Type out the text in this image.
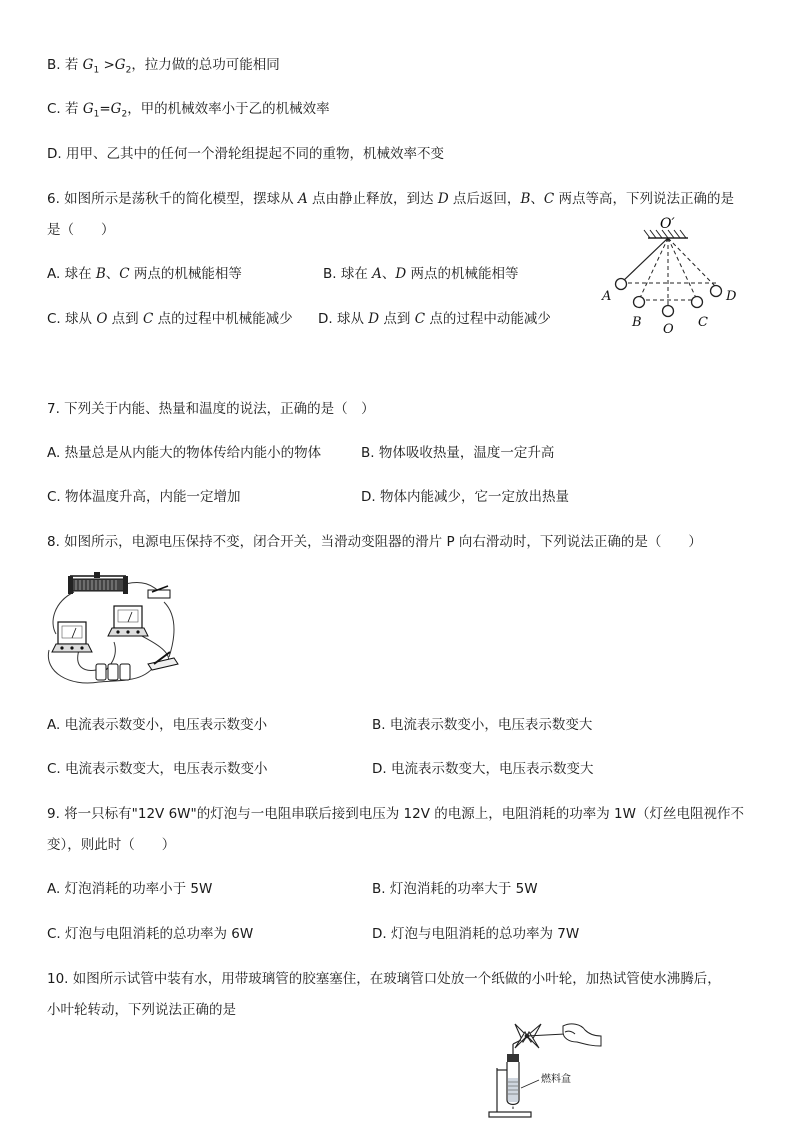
B. 若 $G_1 >G_2$，拉力做的总功可能相同
C. 若 $G_1=G_2$，甲的机械效率小于乙的机械效率
D. 用甲、乙其中的任何一个滑轮组提起不同的重物，机械效率不变
6. 如图所示是荡秋千的简化模型，摆球从 A 点由静止释放，到达 D 点后返回，B、C 两点等高，下列说法正确的是
是（　　）
A. 球在 B、C 两点的机械能相等	B. 球在 A、D 两点的机械能相等
C. 球从 O 点到 C 点的过程中机械能减少 D. 球从 D 点到 C 点的过程中动能减少
O′
A
B O C
D
7. 下列关于内能、热量和温度的说法，正确的是（　）
A. 热量总是从内能大的物体传给内能小的物体	B. 物体吸收热量，温度一定升高
C. 物体温度升高，内能一定增加	D. 物体内能减少，它一定放出热量
8. 如图所示，电源电压保持不变，闭合开关，当滑动变阻器的滑片 P 向右滑动时，下列说法正确的是（　　）
A. 电流表示数变小，电压表示数变小	B. 电流表示数变小，电压表示数变大
C. 电流表示数变大，电压表示数变小	D. 电流表示数变大，电压表示数变大
9. 将一只标有"12V 6W"的灯泡与一电阻串联后接到电压为 12V 的电源上，电阻消耗的功率为 1W（灯丝电阻视作不
变），则此时（　　）
A. 灯泡消耗的功率小于 5W	B. 灯泡消耗的功率大于 5W
C. 灯泡与电阻消耗的总功率为 6W	D. 灯泡与电阻消耗的总功率为 7W
10. 如图所示试管中装有水，用带玻璃管的胶塞塞住，在玻璃管口处放一个纸做的小叶轮，加热试管使水沸腾后，
小叶轮转动，下列说法正确的是
燃料盒
